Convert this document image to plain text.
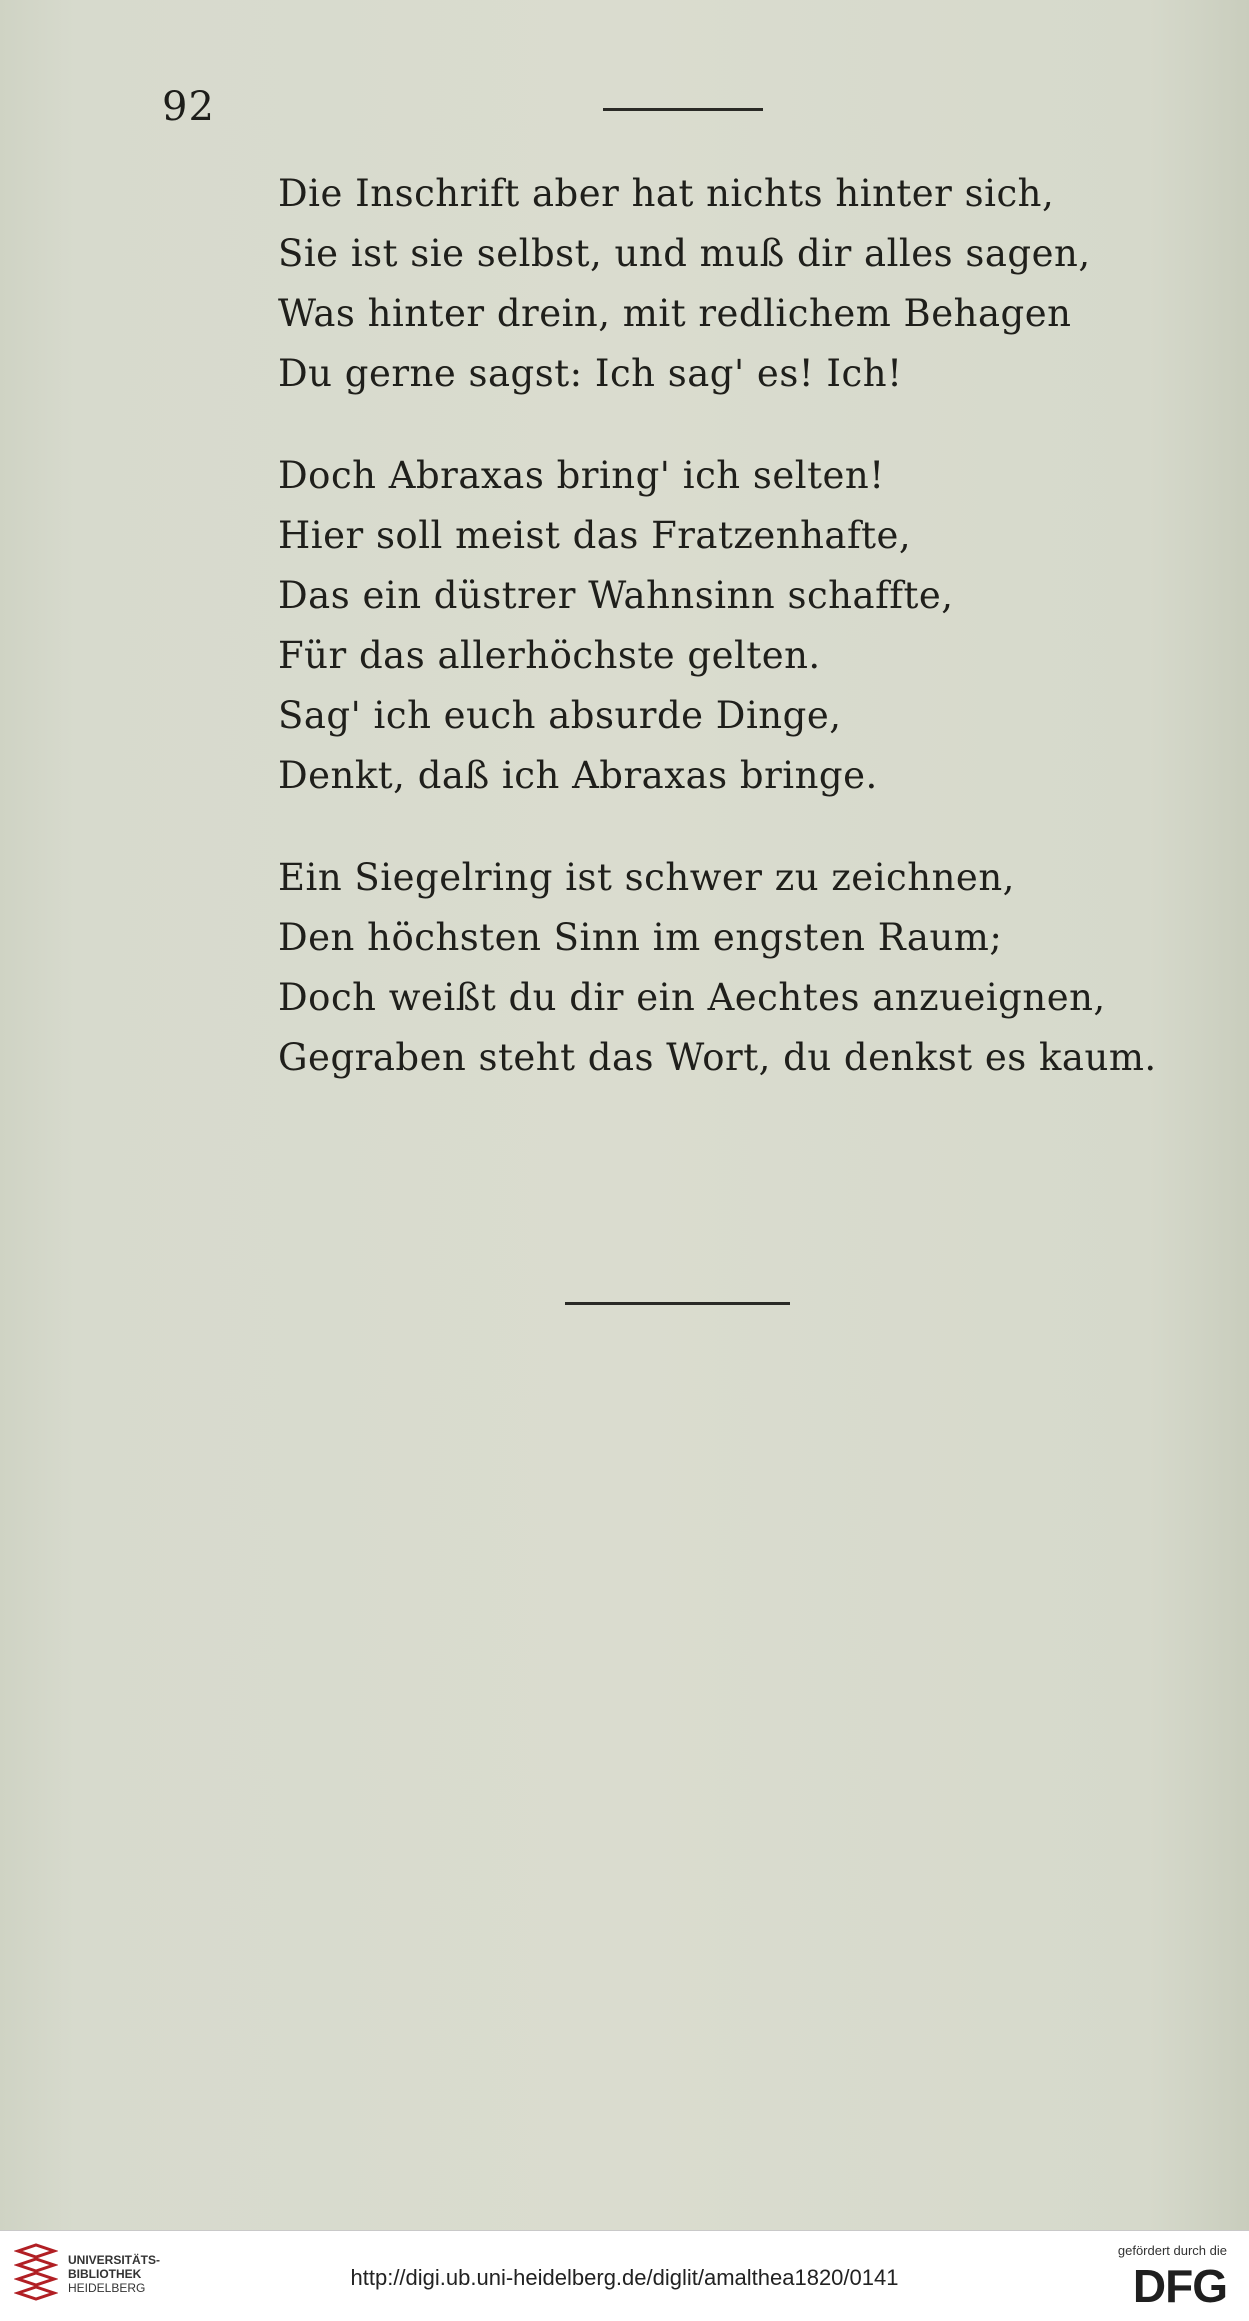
92
Die Inschrift aber hat nichts hinter sich,
Sie ist sie selbst, und muß dir alles sagen,
Was hinter drein, mit redlichem Behagen
Du gerne sagst: Ich sag' es! Ich!
Doch Abraxas bring' ich selten!
Hier soll meist das Fratzenhafte,
Das ein düstrer Wahnsinn schaffte,
Für das allerhöchste gelten.
Sag' ich euch absurde Dinge,
Denkt, daß ich Abraxas bringe.
Ein Siegelring ist schwer zu zeichnen,
Den höchsten Sinn im engsten Raum;
Doch weißt du dir ein Aechtes anzueignen,
Gegraben steht das Wort, du denkst es kaum.
UNIVERSITÄTS-
BIBLIOTHEK
HEIDELBERG	http://digi.ub.uni-heidelberg.de/diglit/amalthea1820/0141
gefördert durch die
DFG
